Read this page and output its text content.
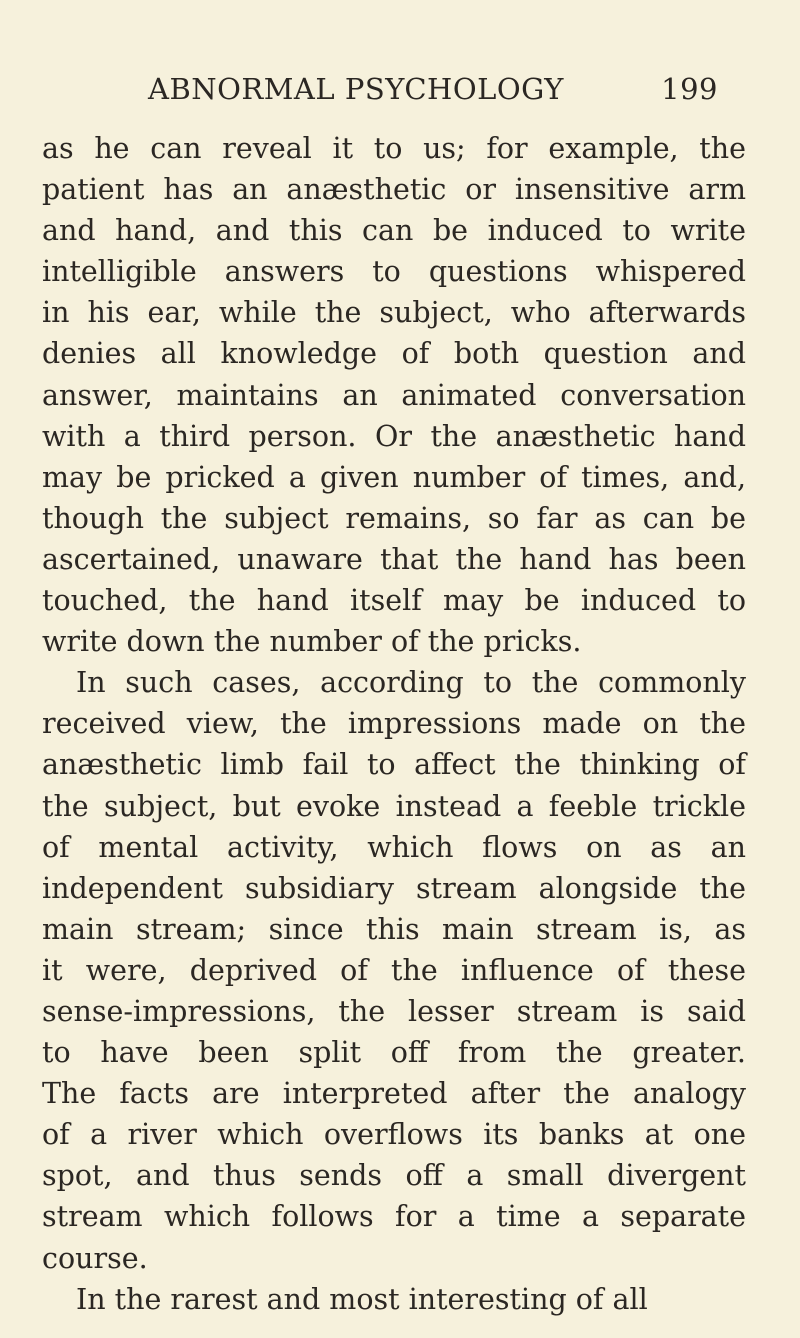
ABNORMAL PSYCHOLOGY	199
as he can reveal it to us; for example, the
patient has an anæsthetic or insensitive arm
and hand, and this can be induced to write
intelligible answers to questions whispered
in his ear, while the subject, who afterwards
denies all knowledge of both question and
answer, maintains an animated conversation
with a third person. Or the anæsthetic hand
may be pricked a given number of times, and,
though the subject remains, so far as can be
ascertained, unaware that the hand has been
touched, the hand itself may be induced to
write down the number of the pricks.
In such cases, according to the commonly
received view, the impressions made on the
anæsthetic limb fail to affect the thinking of
the subject, but evoke instead a feeble trickle
of mental activity, which flows on as an
independent subsidiary stream alongside the
main stream; since this main stream is, as
it were, deprived of the influence of these
sense-impressions, the lesser stream is said
to have been split off from the greater.
The facts are interpreted after the analogy
of a river which overflows its banks at one
spot, and thus sends off a small divergent
stream which follows for a time a separate
course.
In the rarest and most interesting of all
